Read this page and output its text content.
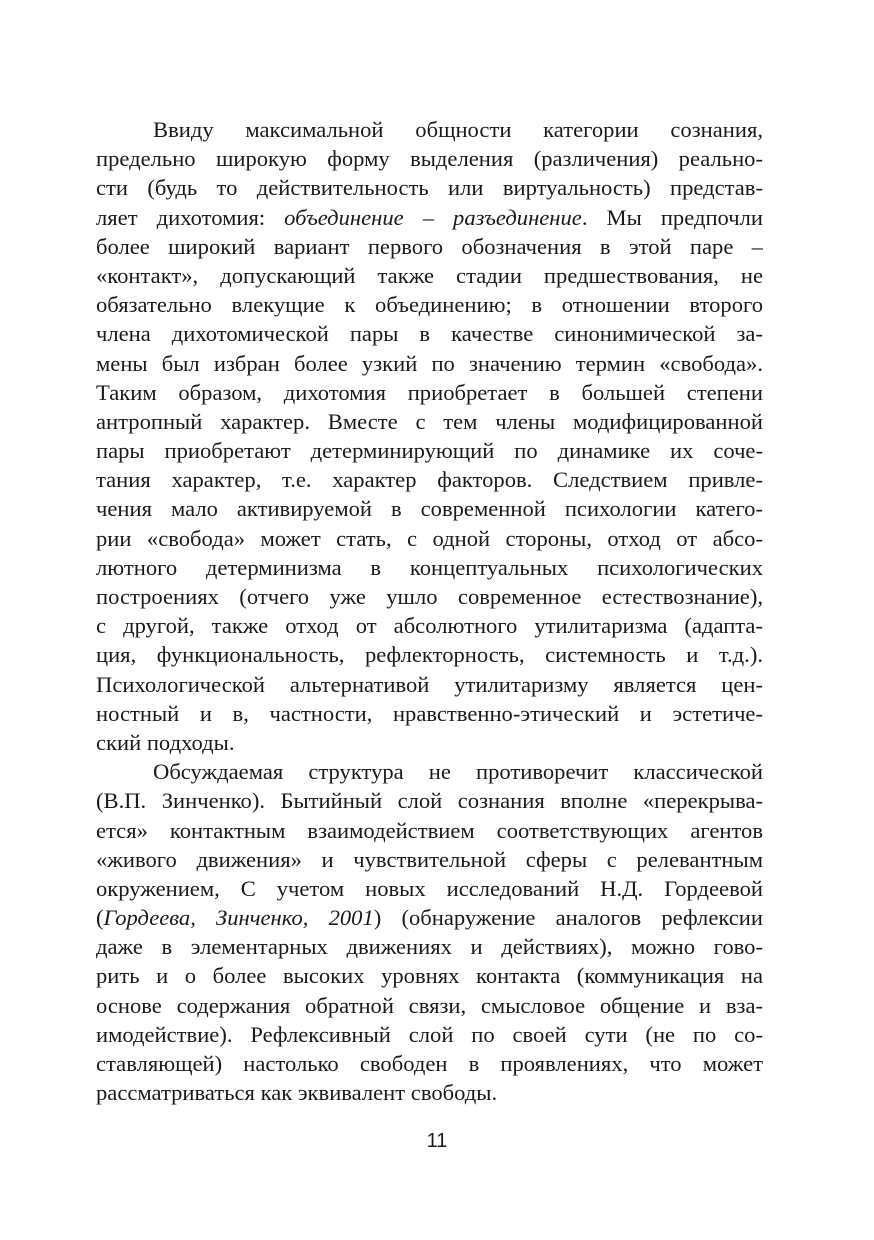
Ввиду максимальной общности категории сознания,
предельно широкую форму выделения (различения) реально-
сти (будь то действительность или виртуальность) представ-
ляет дихотомия: объединение – разъединение. Мы предпочли
более широкий вариант первого обозначения в этой паре –
«контакт», допускающий также стадии предшествования, не
обязательно влекущие к объединению; в отношении второго
члена дихотомической пары в качестве синонимической за-
мены был избран более узкий по значению термин «свобода».
Таким образом, дихотомия приобретает в большей степени
антропный характер. Вместе с тем члены модифицированной
пары приобретают детерминирующий по динамике их соче-
тания характер, т.е. характер факторов. Следствием привле-
чения мало активируемой в современной психологии катего-
рии «свобода» может стать, с одной стороны, отход от абсо-
лютного детерминизма в концептуальных психологических
построениях (отчего уже ушло современное естествознание),
с другой, также отход от абсолютного утилитаризма (адапта-
ция, функциональность, рефлекторность, системность и т.д.).
Психологической альтернативой утилитаризму является цен-
ностный и в, частности, нравственно-этический и эстетиче-
ский подходы.
Обсуждаемая структура не противоречит классической
(В.П. Зинченко). Бытийный слой сознания вполне «перекрыва-
ется» контактным взаимодействием соответствующих агентов
«живого движения» и чувствительной сферы с релевантным
окружением, С учетом новых исследований Н.Д. Гордеевой
(Гордеева, Зинченко, 2001) (обнаружение аналогов рефлексии
даже в элементарных движениях и действиях), можно гово-
рить и о более высоких уровнях контакта (коммуникация на
основе содержания обратной связи, смысловое общение и вза-
имодействие). Рефлексивный слой по своей сути (не по со-
ставляющей) настолько свободен в проявлениях, что может
рассматриваться как эквивалент свободы.
11
